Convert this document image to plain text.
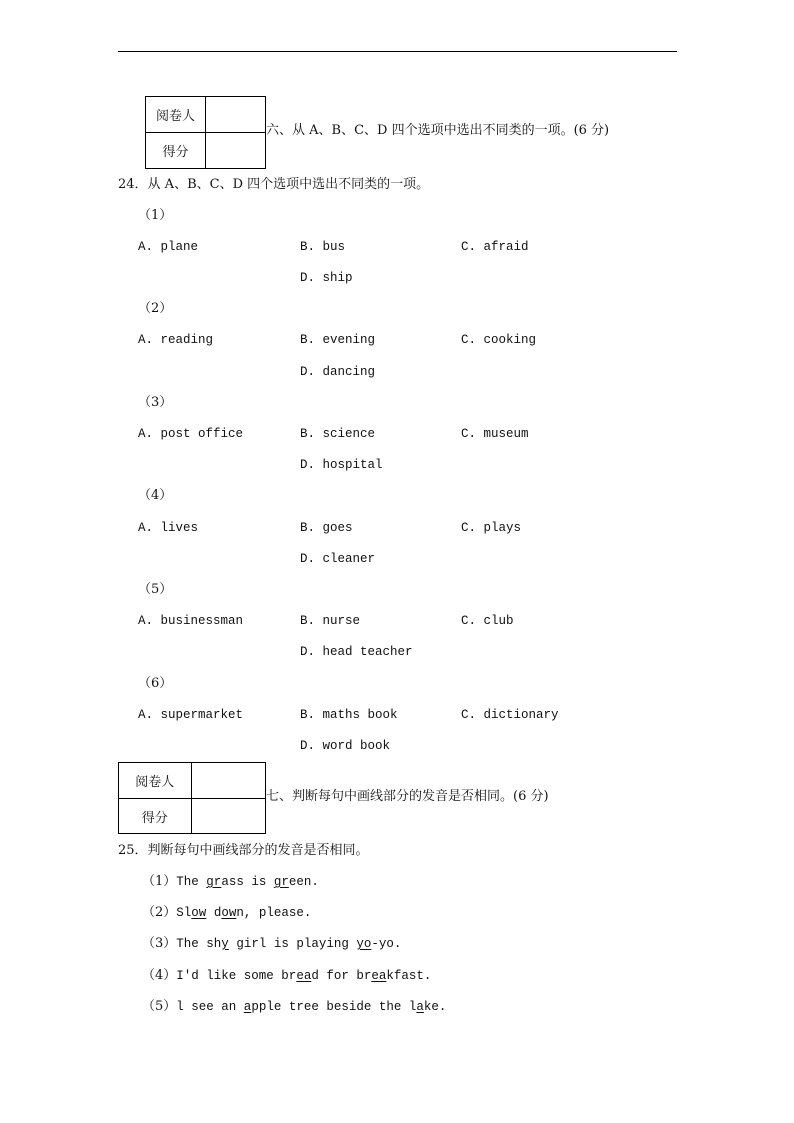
阅卷人	
得分	
六、从 A、B、C、D 四个选项中选出不同类的一项。(6 分)
24．从 A、B、C、D 四个选项中选出不同类的一项。
（1）
A. plane	B. bus	C. afraid
D. ship
（2）
A. reading	B. evening	C. cooking
D. dancing
（3）
A. post office	B. science	C. museum
D. hospital
（4）
A. lives	B. goes	C. plays
D. cleaner
（5）
A. businessman	B. nurse	C. club
D. head teacher
（6）
A. supermarket	B. maths book	C. dictionary
D. word book
阅卷人	
得分	
七、判断每句中画线部分的发音是否相同。(6 分)
25．判断每句中画线部分的发音是否相同。
（1）The grass is green.
（2）Slow down, please.
（3）The shy girl is playing yo-yo.
（4）I'd like some bread for breakfast.
（5）l see an apple tree beside the lake.
